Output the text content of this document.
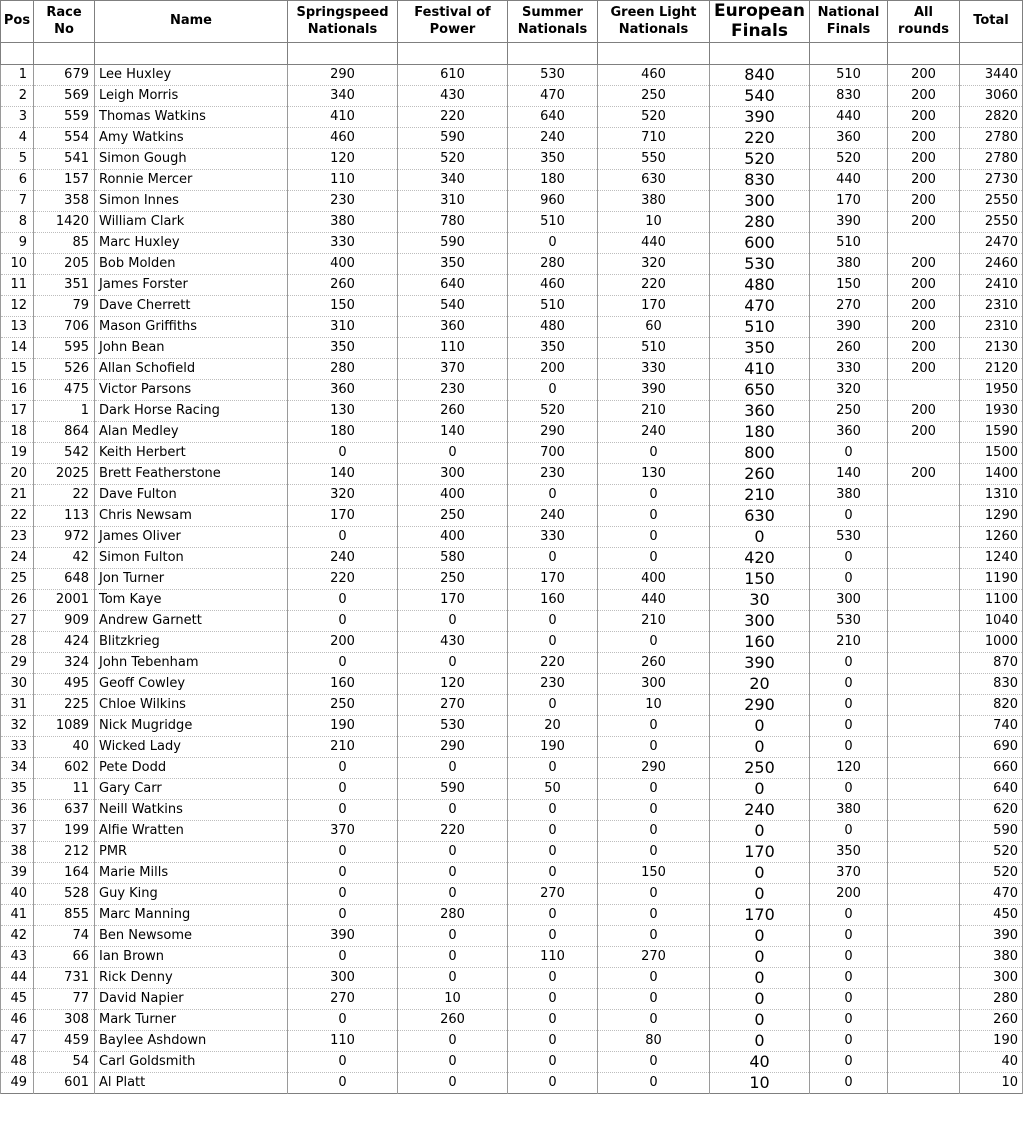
Pos	Race No	Name	Springspeed Nationals	Festival of Power	Summer Nationals	Green Light Nationals	European Finals	National Finals	All rounds	Total

1	679	Lee Huxley	290	610	530	460	840	510	200	3440
2	569	Leigh Morris	340	430	470	250	540	830	200	3060
3	559	Thomas Watkins	410	220	640	520	390	440	200	2820
4	554	Amy Watkins	460	590	240	710	220	360	200	2780
5	541	Simon Gough	120	520	350	550	520	520	200	2780
6	157	Ronnie Mercer	110	340	180	630	830	440	200	2730
7	358	Simon Innes	230	310	960	380	300	170	200	2550
8	1420	William Clark	380	780	510	10	280	390	200	2550
9	85	Marc Huxley	330	590	0	440	600	510		2470
10	205	Bob Molden	400	350	280	320	530	380	200	2460
11	351	James Forster	260	640	460	220	480	150	200	2410
12	79	Dave Cherrett	150	540	510	170	470	270	200	2310
13	706	Mason Griffiths	310	360	480	60	510	390	200	2310
14	595	John Bean	350	110	350	510	350	260	200	2130
15	526	Allan Schofield	280	370	200	330	410	330	200	2120
16	475	Victor Parsons	360	230	0	390	650	320		1950
17	1	Dark Horse Racing	130	260	520	210	360	250	200	1930
18	864	Alan Medley	180	140	290	240	180	360	200	1590
19	542	Keith Herbert	0	0	700	0	800	0		1500
20	2025	Brett Featherstone	140	300	230	130	260	140	200	1400
21	22	Dave Fulton	320	400	0	0	210	380		1310
22	113	Chris Newsam	170	250	240	0	630	0		1290
23	972	James Oliver	0	400	330	0	0	530		1260
24	42	Simon Fulton	240	580	0	0	420	0		1240
25	648	Jon Turner	220	250	170	400	150	0		1190
26	2001	Tom Kaye	0	170	160	440	30	300		1100
27	909	Andrew Garnett	0	0	0	210	300	530		1040
28	424	Blitzkrieg	200	430	0	0	160	210		1000
29	324	John Tebenham	0	0	220	260	390	0		870
30	495	Geoff Cowley	160	120	230	300	20	0		830
31	225	Chloe Wilkins	250	270	0	10	290	0		820
32	1089	Nick Mugridge	190	530	20	0	0	0		740
33	40	Wicked Lady	210	290	190	0	0	0		690
34	602	Pete Dodd	0	0	0	290	250	120		660
35	11	Gary Carr	0	590	50	0	0	0		640
36	637	Neill Watkins	0	0	0	0	240	380		620
37	199	Alfie Wratten	370	220	0	0	0	0		590
38	212	PMR	0	0	0	0	170	350		520
39	164	Marie Mills	0	0	0	150	0	370		520
40	528	Guy King	0	0	270	0	0	200		470
41	855	Marc Manning	0	280	0	0	170	0		450
42	74	Ben Newsome	390	0	0	0	0	0		390
43	66	Ian Brown	0	0	110	270	0	0		380
44	731	Rick Denny	300	0	0	0	0	0		300
45	77	David Napier	270	10	0	0	0	0		280
46	308	Mark Turner	0	260	0	0	0	0		260
47	459	Baylee Ashdown	110	0	0	80	0	0		190
48	54	Carl Goldsmith	0	0	0	0	40	0		40
49	601	Al Platt	0	0	0	0	10	0		10
